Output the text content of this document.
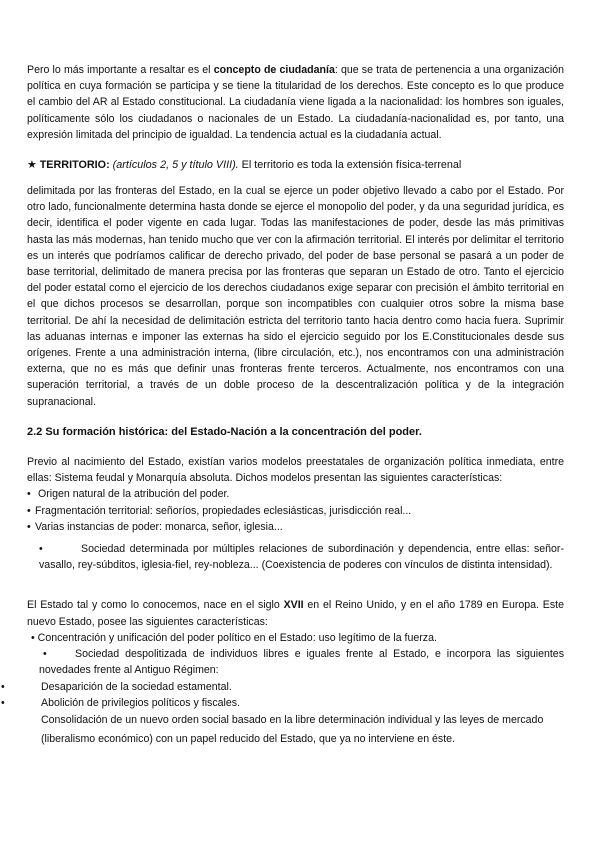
Pero lo más importante a resaltar es el concepto de ciudadanía: que se trata de pertenencia a una organización política en cuya formación se participa y se tiene la titularidad de los derechos. Este concepto es lo que produce el cambio del AR al Estado constitucional. La ciudadanía viene ligada a la nacionalidad: los hombres son iguales, políticamente sólo los ciudadanos o nacionales de un Estado. La ciudadanía-nacionalidad es, por tanto, una expresión limitada del principio de igualdad. La tendencia actual es la ciudadanía actual.

★ TERRITORIO: (artículos 2, 5 y título VIII). El territorio es toda la extensión física-terrenal

delimitada por las fronteras del Estado, en la cual se ejerce un poder objetivo llevado a cabo por el Estado. Por otro lado, funcionalmente determina hasta donde se ejerce el monopolio del poder, y da una seguridad jurídica, es decir, identifica el poder vigente en cada lugar. Todas las manifestaciones de poder, desde las más primitivas hasta las más modernas, han tenido mucho que ver con la afirmación territorial. El interés por delimitar el territorio es un interés que podríamos calificar de derecho privado, del poder de base personal se pasará a un poder de base territorial, delimitado de manera precisa por las fronteras que separan un Estado de otro. Tanto el ejercicio del poder estatal como el ejercicio de los derechos ciudadanos exige separar con precisión el ámbito territorial en el que dichos procesos se desarrollan, porque son incompatibles con cualquier otros sobre la misma base territorial. De ahí la necesidad de delimitación estricta del territorio tanto hacia dentro como hacia fuera. Suprimir las aduanas internas e imponer las externas ha sido el ejercicio seguido por los E.Constitucionales desde sus orígenes. Frente a una administración interna, (libre circulación, etc.), nos encontramos con una administración externa, que no es más que definir unas fronteras frente terceros. Actualmente, nos encontramos con una superación territorial, a través de un doble proceso de la descentralización política y de la integración supranacional.

2.2 Su formación histórica: del Estado-Nación a la concentración del poder.

Previo al nacimiento del Estado, existían varios modelos preestatales de organización política inmediata, entre ellas: Sistema feudal y Monarquía absoluta. Dichos modelos presentan las siguientes características:

• Origen natural de la atribución del poder.
• Fragmentación territorial: señoríos, propiedades eclesiásticas, jurisdicción real...
• Varias instancias de poder: monarca, señor, iglesia...

•	Sociedad determinada por múltiples relaciones de subordinación y dependencia, entre ellas: señor-vasallo, rey-súbditos, iglesia-fiel, rey-nobleza... (Coexistencia de poderes con vínculos de distinta intensidad).

El Estado tal y como lo conocemos, nace en el siglo XVII en el Reino Unido, y en el año 1789 en Europa. Este nuevo Estado, posee las siguientes características:

• Concentración y unificación del poder político en el Estado: uso legítimo de la fuerza.

•	Sociedad despolitizada de individuos libres e iguales frente al Estado, e incorpora las siguientes novedades frente al Antiguo Régimen:

•	Desaparición de la sociedad estamental.
•	Abolición de privilegios políticos y fiscales.

Consolidación de un nuevo orden social basado en la libre determinación individual y las leyes de mercado (liberalismo económico) con un papel reducido del Estado, que ya no interviene en éste.
